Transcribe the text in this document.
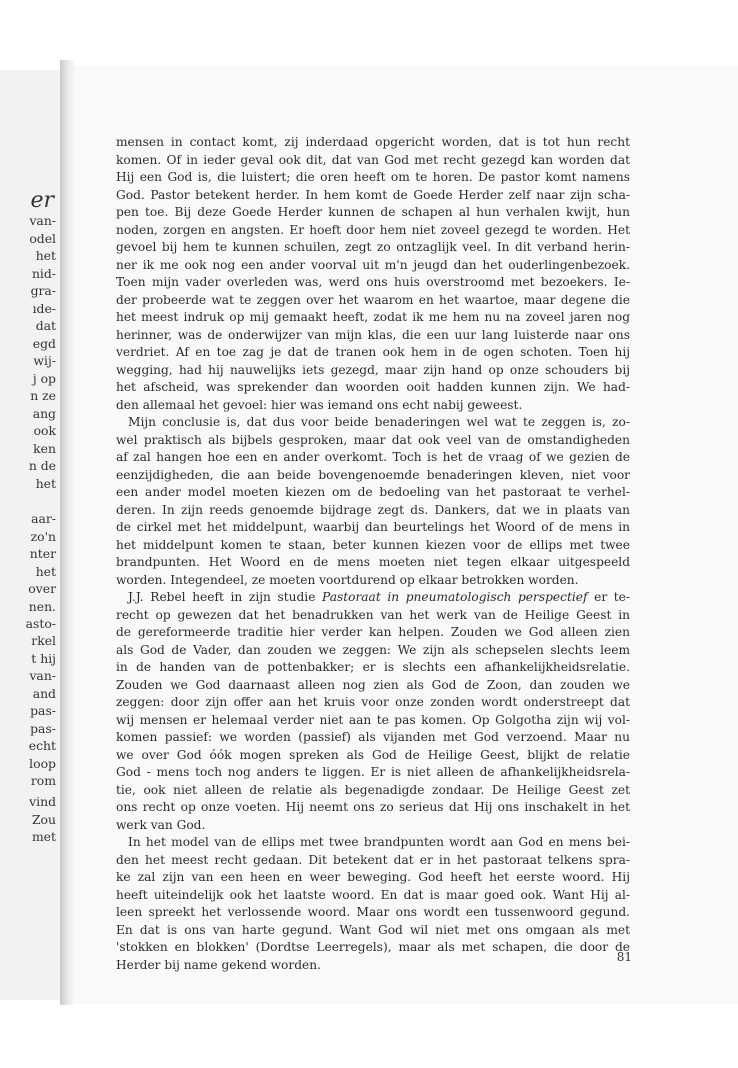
er
van-
odel
het
nid-
gra-
ıde-
dat
egd
wij-
j op
n ze
ang
ook
ken
n de
het
aar-
zo'n
nter
het
over
nen.
asto-
rkel
t hij
van-
and
pas-
pas-
echt
loop
rom
vind
Zou
met
mensen in contact komt, zij inderdaad opgericht worden, dat is tot hun recht
komen. Of in ieder geval ook dit, dat van God met recht gezegd kan worden dat
Hij een God is, die luistert; die oren heeft om te horen. De pastor komt namens
God. Pastor betekent herder. In hem komt de Goede Herder zelf naar zijn scha-
pen toe. Bij deze Goede Herder kunnen de schapen al hun verhalen kwijt, hun
noden, zorgen en angsten. Er hoeft door hem niet zoveel gezegd te worden. Het
gevoel bij hem te kunnen schuilen, zegt zo ontzaglijk veel. In dit verband herin-
ner ik me ook nog een ander voorval uit m'n jeugd dan het ouderlingenbezoek.
Toen mijn vader overleden was, werd ons huis overstroomd met bezoekers. Ie-
der probeerde wat te zeggen over het waarom en het waartoe, maar degene die
het meest indruk op mij gemaakt heeft, zodat ik me hem nu na zoveel jaren nog
herinner, was de onderwijzer van mijn klas, die een uur lang luisterde naar ons
verdriet. Af en toe zag je dat de tranen ook hem in de ogen schoten. Toen hij
wegging, had hij nauwelijks iets gezegd, maar zijn hand op onze schouders bij
het afscheid, was sprekender dan woorden ooit hadden kunnen zijn. We had-
den allemaal het gevoel: hier was iemand ons echt nabij geweest.
Mijn conclusie is, dat dus voor beide benaderingen wel wat te zeggen is, zo-
wel praktisch als bijbels gesproken, maar dat ook veel van de omstandigheden
af zal hangen hoe een en ander overkomt. Toch is het de vraag of we gezien de
eenzijdigheden, die aan beide bovengenoemde benaderingen kleven, niet voor
een ander model moeten kiezen om de bedoeling van het pastoraat te verhel-
deren. In zijn reeds genoemde bijdrage zegt ds. Dankers, dat we in plaats van
de cirkel met het middelpunt, waarbij dan beurtelings het Woord of de mens in
het middelpunt komen te staan, beter kunnen kiezen voor de ellips met twee
brandpunten. Het Woord en de mens moeten niet tegen elkaar uitgespeeld
worden. Integendeel, ze moeten voortdurend op elkaar betrokken worden.
J.J. Rebel heeft in zijn studie Pastoraat in pneumatologisch perspectief er te-
recht op gewezen dat het benadrukken van het werk van de Heilige Geest in
de gereformeerde traditie hier verder kan helpen. Zouden we God alleen zien
als God de Vader, dan zouden we zeggen: We zijn als schepselen slechts leem
in de handen van de pottenbakker; er is slechts een afhankelijkheidsrelatie.
Zouden we God daarnaast alleen nog zien als God de Zoon, dan zouden we
zeggen: door zijn offer aan het kruis voor onze zonden wordt onderstreept dat
wij mensen er helemaal verder niet aan te pas komen. Op Golgotha zijn wij vol-
komen passief: we worden (passief) als vijanden met God verzoend. Maar nu
we over God óók mogen spreken als God de Heilige Geest, blijkt de relatie
God - mens toch nog anders te liggen. Er is niet alleen de afhankelijkheidsrela-
tie, ook niet alleen de relatie als begenadigde zondaar. De Heilige Geest zet
ons recht op onze voeten. Hij neemt ons zo serieus dat Hij ons inschakelt in het
werk van God.
In het model van de ellips met twee brandpunten wordt aan God en mens bei-
den het meest recht gedaan. Dit betekent dat er in het pastoraat telkens spra-
ke zal zijn van een heen en weer beweging. God heeft het eerste woord. Hij
heeft uiteindelijk ook het laatste woord. En dat is maar goed ook. Want Hij al-
leen spreekt het verlossende woord. Maar ons wordt een tussenwoord gegund.
En dat is ons van harte gegund. Want God wil niet met ons omgaan als met
'stokken en blokken' (Dordtse Leerregels), maar als met schapen, die door de
Herder bij name gekend worden.
81
